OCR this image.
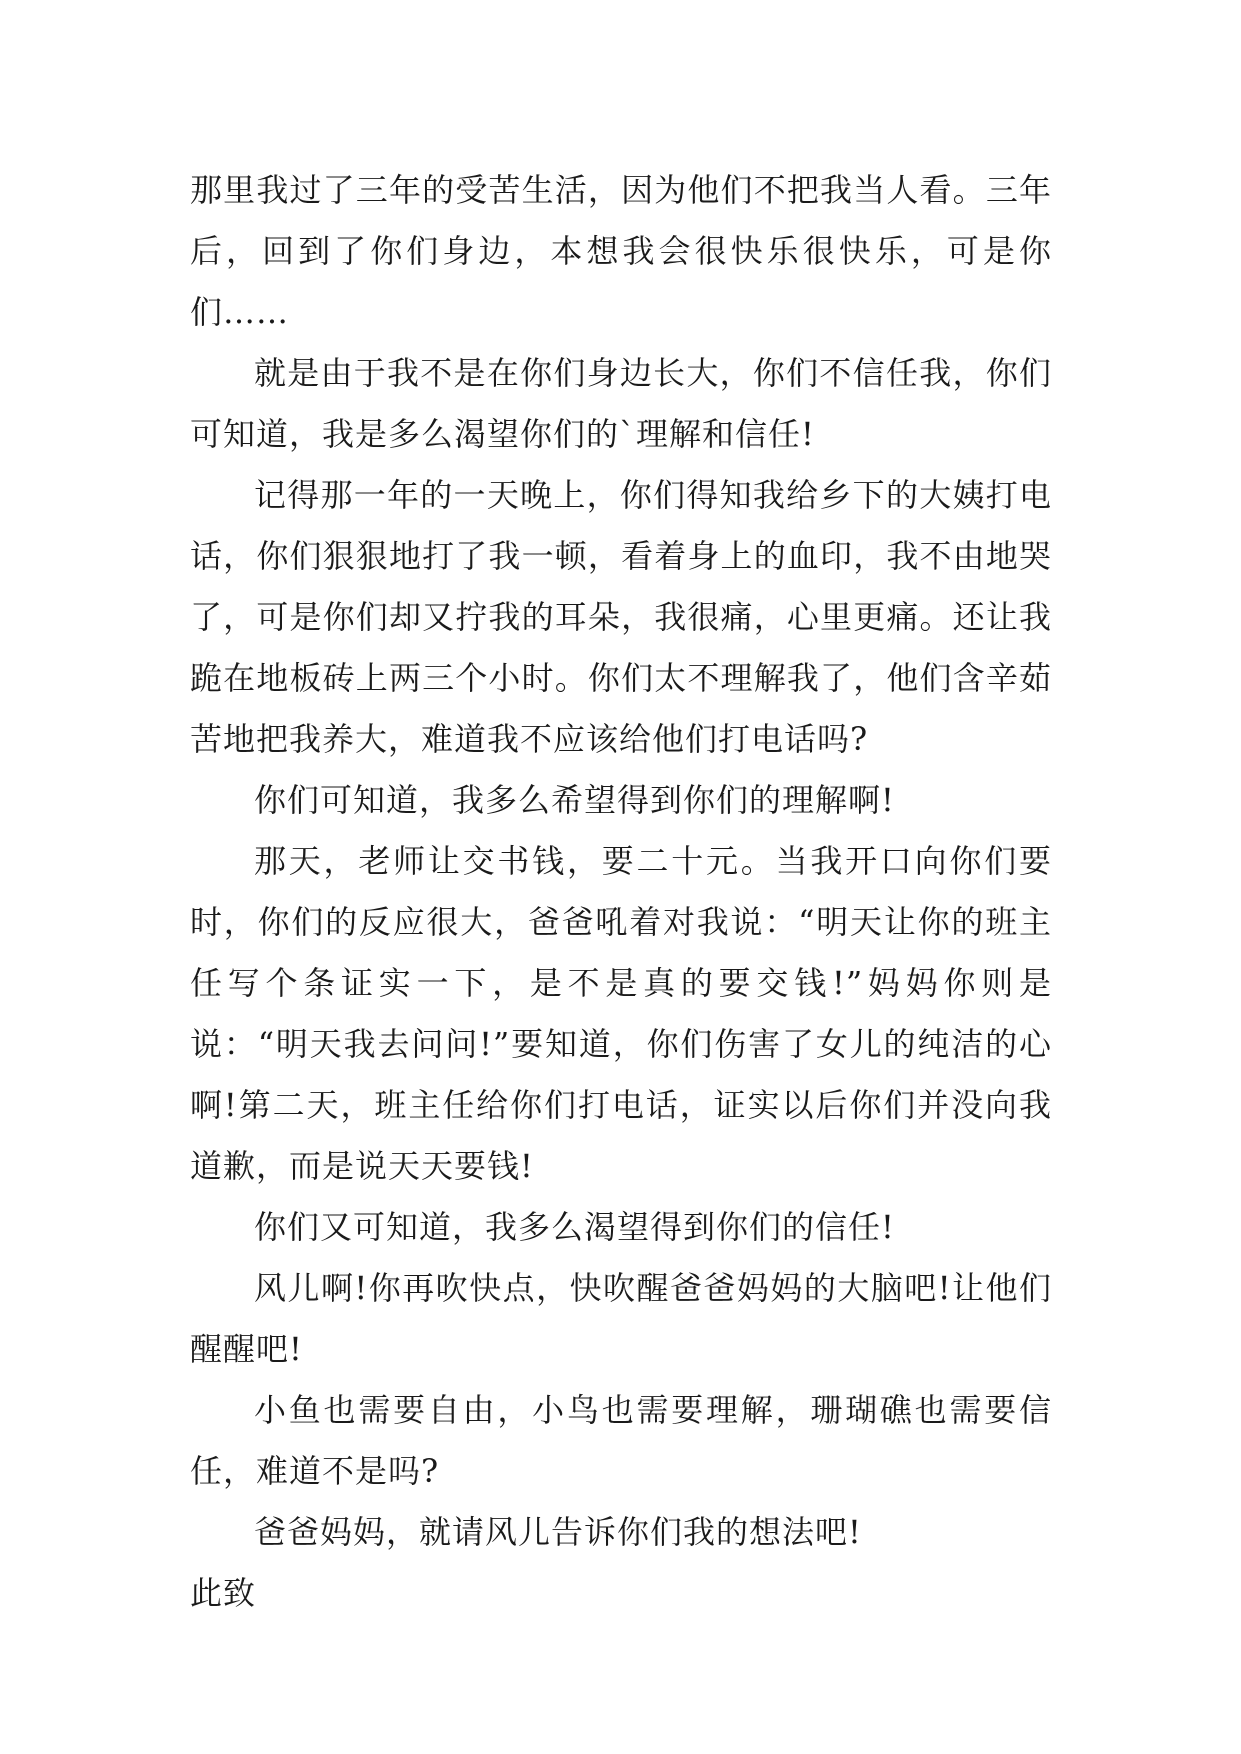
那里我过了三年的受苦生活，因为他们不把我当人看。三年后，回到了你们身边，本想我会很快乐很快乐，可是你们……

就是由于我不是在你们身边长大，你们不信任我，你们可知道，我是多么渴望你们的`理解和信任!

记得那一年的一天晚上，你们得知我给乡下的大姨打电话，你们狠狠地打了我一顿，看着身上的血印，我不由地哭了，可是你们却又拧我的耳朵，我很痛，心里更痛。还让我跪在地板砖上两三个小时。你们太不理解我了，他们含辛茹苦地把我养大，难道我不应该给他们打电话吗?

你们可知道，我多么希望得到你们的理解啊!

那天，老师让交书钱，要二十元。当我开口向你们要时，你们的反应很大，爸爸吼着对我说：“明天让你的班主任写个条证实一下，是不是真的要交钱!”妈妈你则是说：“明天我去问问!”要知道，你们伤害了女儿的纯洁的心啊!第二天，班主任给你们打电话，证实以后你们并没向我道歉，而是说天天要钱!

你们又可知道，我多么渴望得到你们的信任!

风儿啊!你再吹快点，快吹醒爸爸妈妈的大脑吧!让他们醒醒吧!

小鱼也需要自由，小鸟也需要理解，珊瑚礁也需要信任，难道不是吗?

爸爸妈妈，就请风儿告诉你们我的想法吧!

此致
